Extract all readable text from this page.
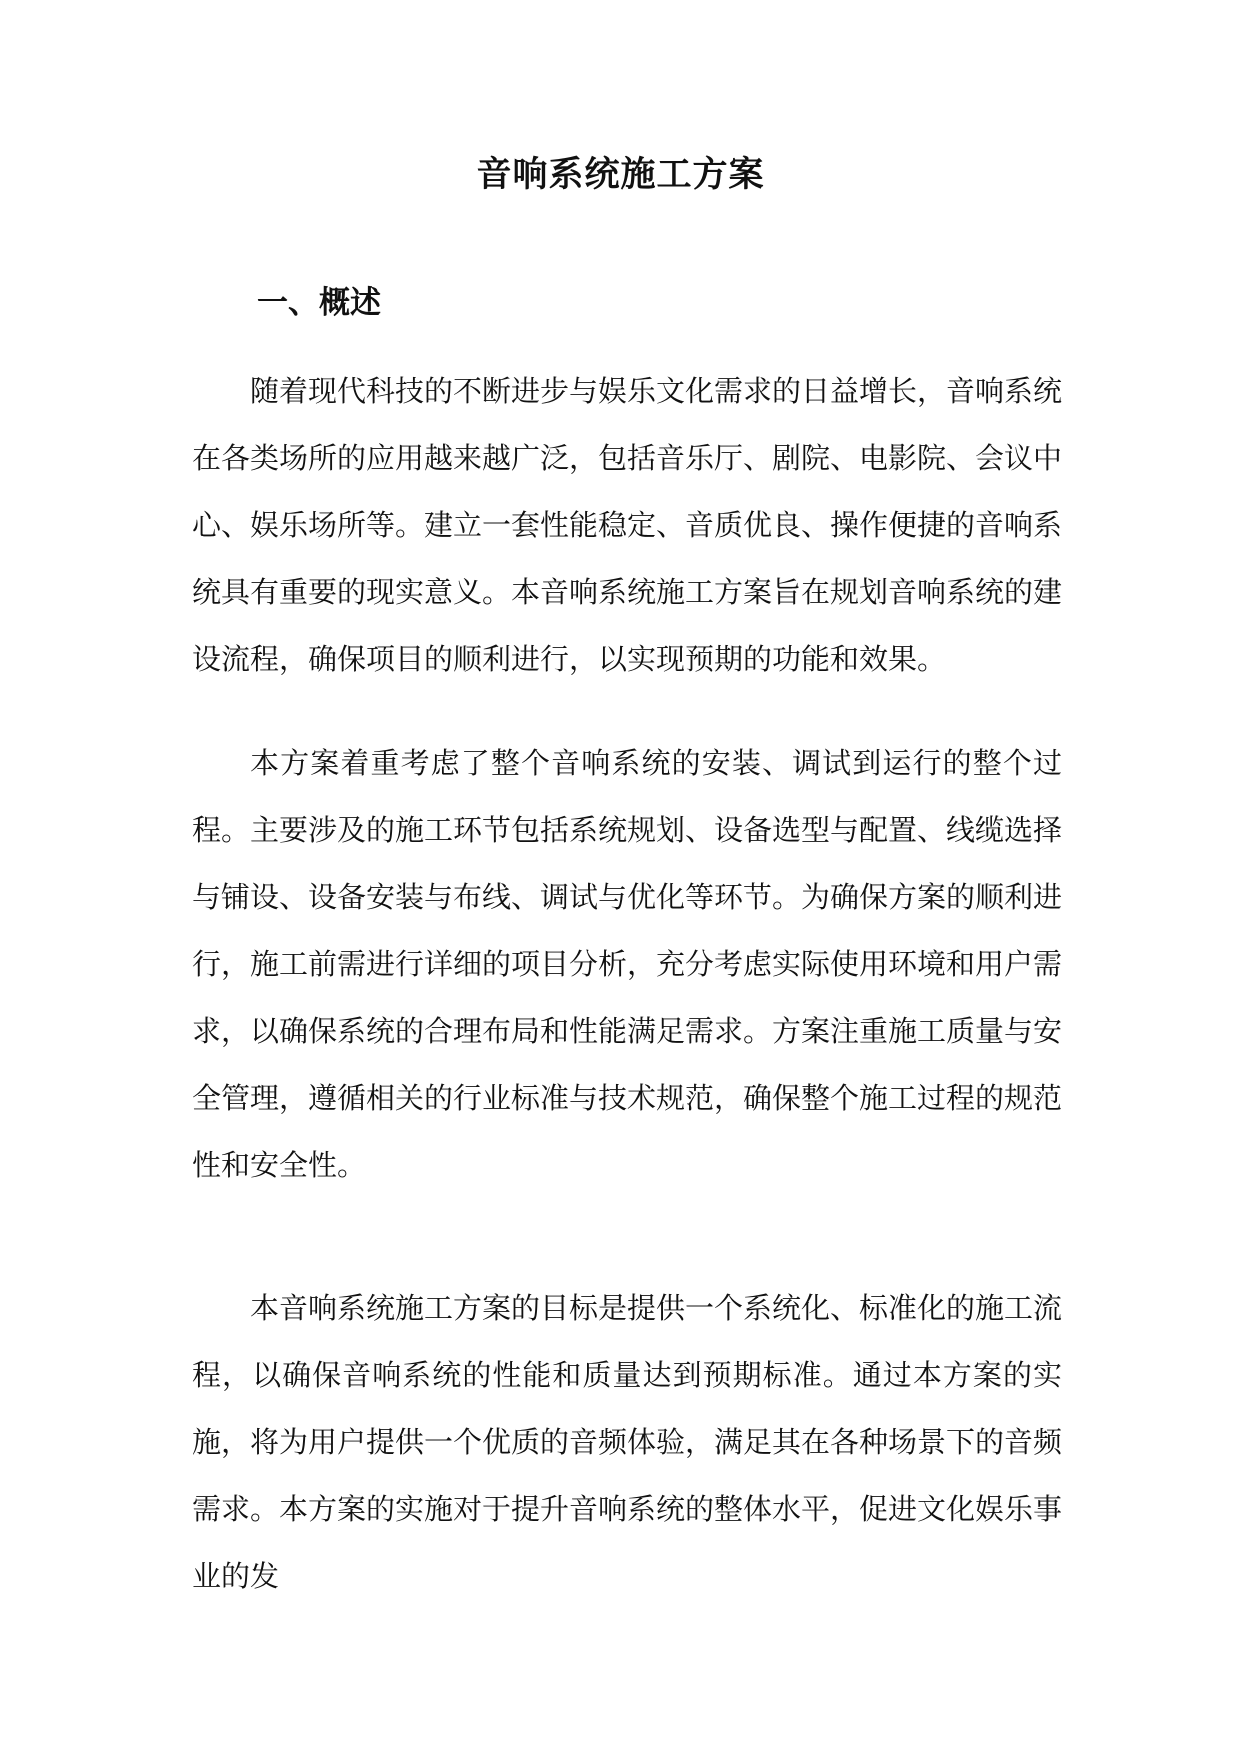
音响系统施工方案
一、概述

随着现代科技的不断进步与娱乐文化需求的日益增长，音响系统在各类场所的应用越来越广泛，包括音乐厅、剧院、电影院、会议中心、娱乐场所等。建立一套性能稳定、音质优良、操作便捷的音响系统具有重要的现实意义。本音响系统施工方案旨在规划音响系统的建设流程，确保项目的顺利进行，以实现预期的功能和效果。

本方案着重考虑了整个音响系统的安装、调试到运行的整个过程。主要涉及的施工环节包括系统规划、设备选型与配置、线缆选择与铺设、设备安装与布线、调试与优化等环节。为确保方案的顺利进行，施工前需进行详细的项目分析，充分考虑实际使用环境和用户需求，以确保系统的合理布局和性能满足需求。方案注重施工质量与安全管理，遵循相关的行业标准与技术规范，确保整个施工过程的规范性和安全性。

本音响系统施工方案的目标是提供一个系统化、标准化的施工流程，以确保音响系统的性能和质量达到预期标准。通过本方案的实施，将为用户提供一个优质的音频体验，满足其在各种场景下的音频需求。本方案的实施对于提升音响系统的整体水平，促进文化娱乐事业的发
